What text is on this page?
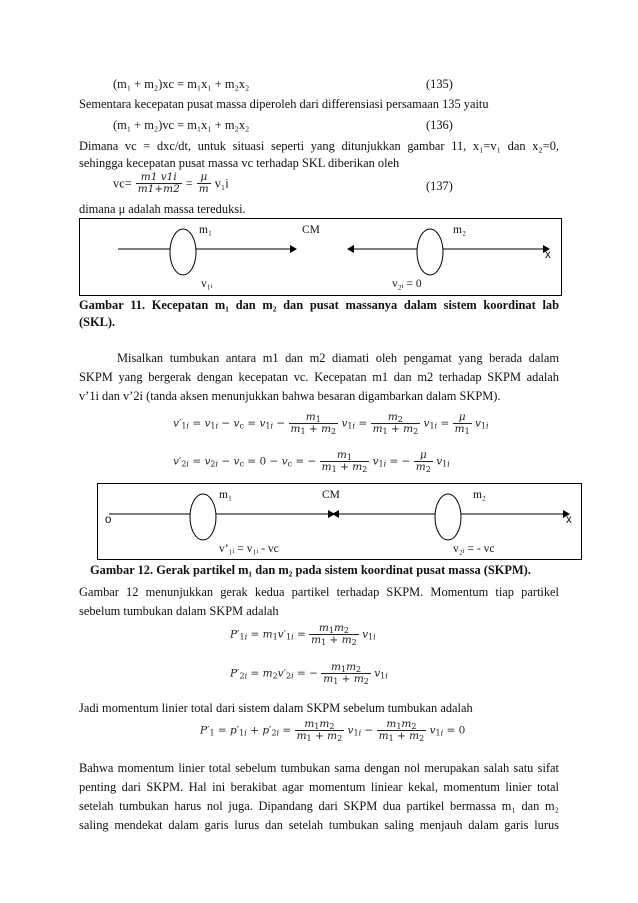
(m₁ + m₂)xc = m₁x₁ + m₂x₂	(135)
Sementara kecepatan pusat massa diperoleh dari differensiasi persamaan 135 yaitu
(m₁ + m₂)vc = m₁x₁ + m₂x₂	(136)
Dimana vc = dxc/dt, untuk situasi seperti yang ditunjukkan gambar 11, x₁=v₁ dan x₂=0,
sehingga kecepatan pusat massa vc terhadap SKL diberikan oleh
$vc= \frac{m1 v1i}{m1+m2} = \frac{\mu}{m} v_1i$	(137)
dimana μ adalah massa tereduksi.
m₁	CM	m₂
x
v₁ᵢ	v₂ᵢ = 0
Gambar 11. Kecepatan m₁ dan m₂ dan pusat massanya dalam sistem koordinat lab
(SKL).
Misalkan tumbukan antara m1 dan m2 diamati oleh pengamat yang berada dalam
SKPM yang bergerak dengan kecepatan vc. Kecepatan m1 dan m2 terhadap SKPM adalah
v’1i dan v’2i (tanda aksen menunjukkan bahwa besaran digambarkan dalam SKPM).
$v'_{1i} = v_{1i} - v_c = v_{1i} - \frac{m_1}{m_1 + m_2} v_{1i} = \frac{m_2}{m_1 + m_2} v_{1i} = \frac{\mu}{m_1} v_{1i}$
$v'_{2i} = v_{2i} - v_c = 0 - v_c$ = − $\frac{m_1}{m_1 + m_2} v_{1i}$ = − $\frac{\mu}{m_2} v_{1i}$
m₁	CM	m₂
o	x
v’₁ᵢ = v₁ᵢ - vc	v₂ᵢ = - vc
Gambar 12. Gerak partikel m₁ dan m₂ pada sistem koordinat pusat massa (SKPM).
Gambar 12 menunjukkan gerak kedua partikel terhadap SKPM. Momentum tiap partikel
sebelum tumbukan dalam SKPM adalah
$P'_{1i} = m_1v'_{1i} = \frac{m_1m_2}{m_1 + m_2} v_{1i}$
$P'_{2i} = m_2v'_{2i}$ = − $\frac{m_1m_2}{m_1 + m_2} v_{1i}$
Jadi momentum linier total dari sistem dalam SKPM sebelum tumbukan adalah
$P'_1 = p'_{1i} + p'_{2i} = \frac{m_1m_2}{m_1 + m_2} v_{1i} - \frac{m_1m_2}{m_1 + m_2} v_{1i} = 0$
Bahwa momentum linier total sebelum tumbukan sama dengan nol merupakan salah satu sifat
penting dari SKPM. Hal ini berakibat agar momentum liniear kekal, momentum linier total
setelah tumbukan harus nol juga. Dipandang dari SKPM dua partikel bermassa m₁ dan m₂
saling mendekat dalam garis lurus dan setelah tumbukan saling menjauh dalam garis lurus
